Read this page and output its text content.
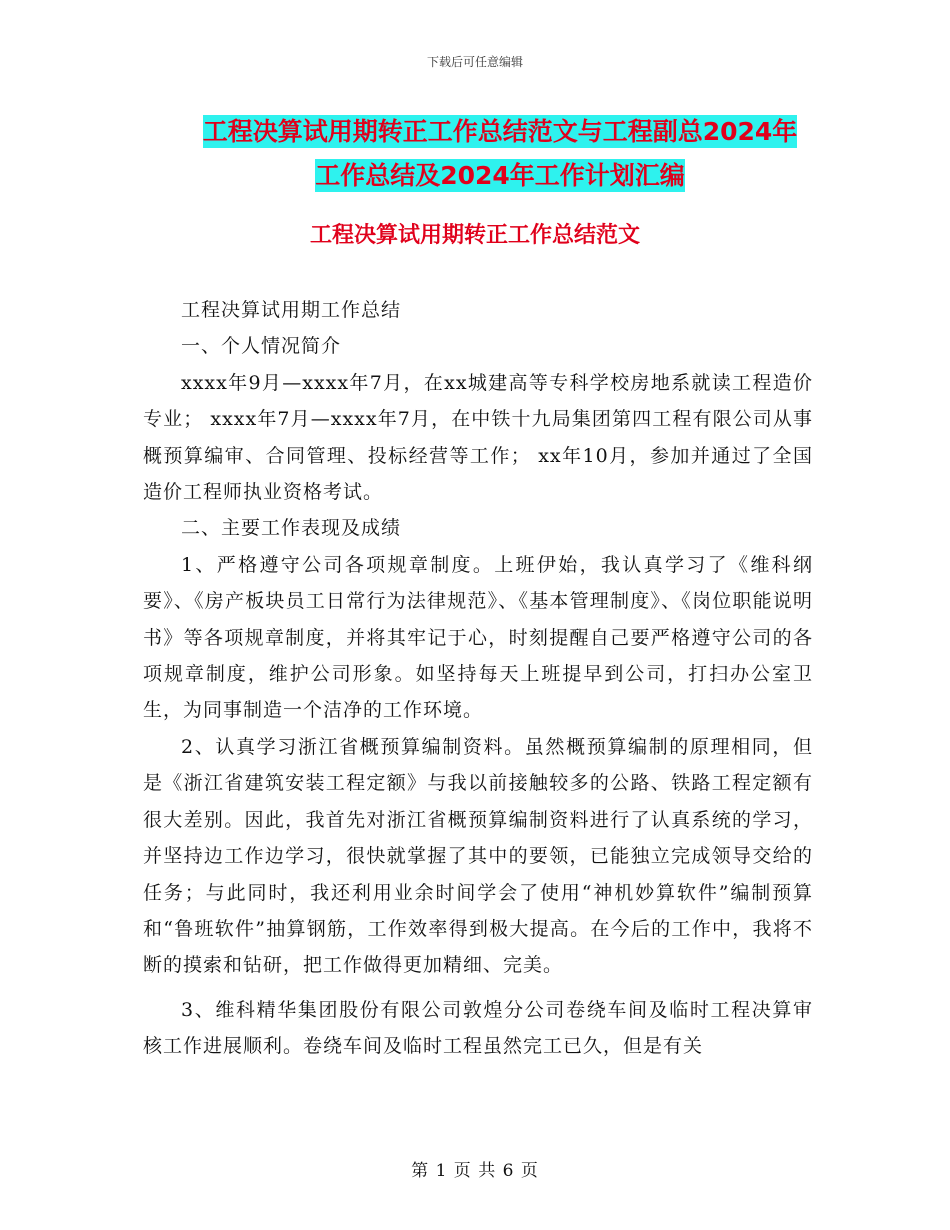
下载后可任意编辑
工程决算试用期转正工作总结范文与工程副总2024年
工作总结及2024年工作计划汇编
工程决算试用期转正工作总结范文

工程决算试用期工作总结

一、个人情况简介

xxxx年9月—xxxx年7月，在xx城建高等专科学校房地系就读工程造价专业； xxxx年7月—xxxx年7月，在中铁十九局集团第四工程有限公司从事概预算编审、合同管理、投标经营等工作； xx年10月，参加并通过了全国造价工程师执业资格考试。

二、主要工作表现及成绩

1、严格遵守公司各项规章制度。上班伊始，我认真学习了《维科纲要》、《房产板块员工日常行为法律规范》、《基本管理制度》、《岗位职能说明书》等各项规章制度，并将其牢记于心，时刻提醒自己要严格遵守公司的各项规章制度，维护公司形象。如坚持每天上班提早到公司，打扫办公室卫生，为同事制造一个洁净的工作环境。

2、认真学习浙江省概预算编制资料。虽然概预算编制的原理相同，但是《浙江省建筑安装工程定额》与我以前接触较多的公路、铁路工程定额有很大差别。因此，我首先对浙江省概预算编制资料进行了认真系统的学习，并坚持边工作边学习，很快就掌握了其中的要领，已能独立完成领导交给的任务；与此同时，我还利用业余时间学会了使用“神机妙算软件”编制预算和“鲁班软件”抽算钢筋，工作效率得到极大提高。在今后的工作中，我将不断的摸索和钻研，把工作做得更加精细、完美。

3、维科精华集团股份有限公司敦煌分公司卷绕车间及临时工程决算审核工作进展顺利。卷绕车间及临时工程虽然完工已久，但是有关

第 1 页 共 6 页
